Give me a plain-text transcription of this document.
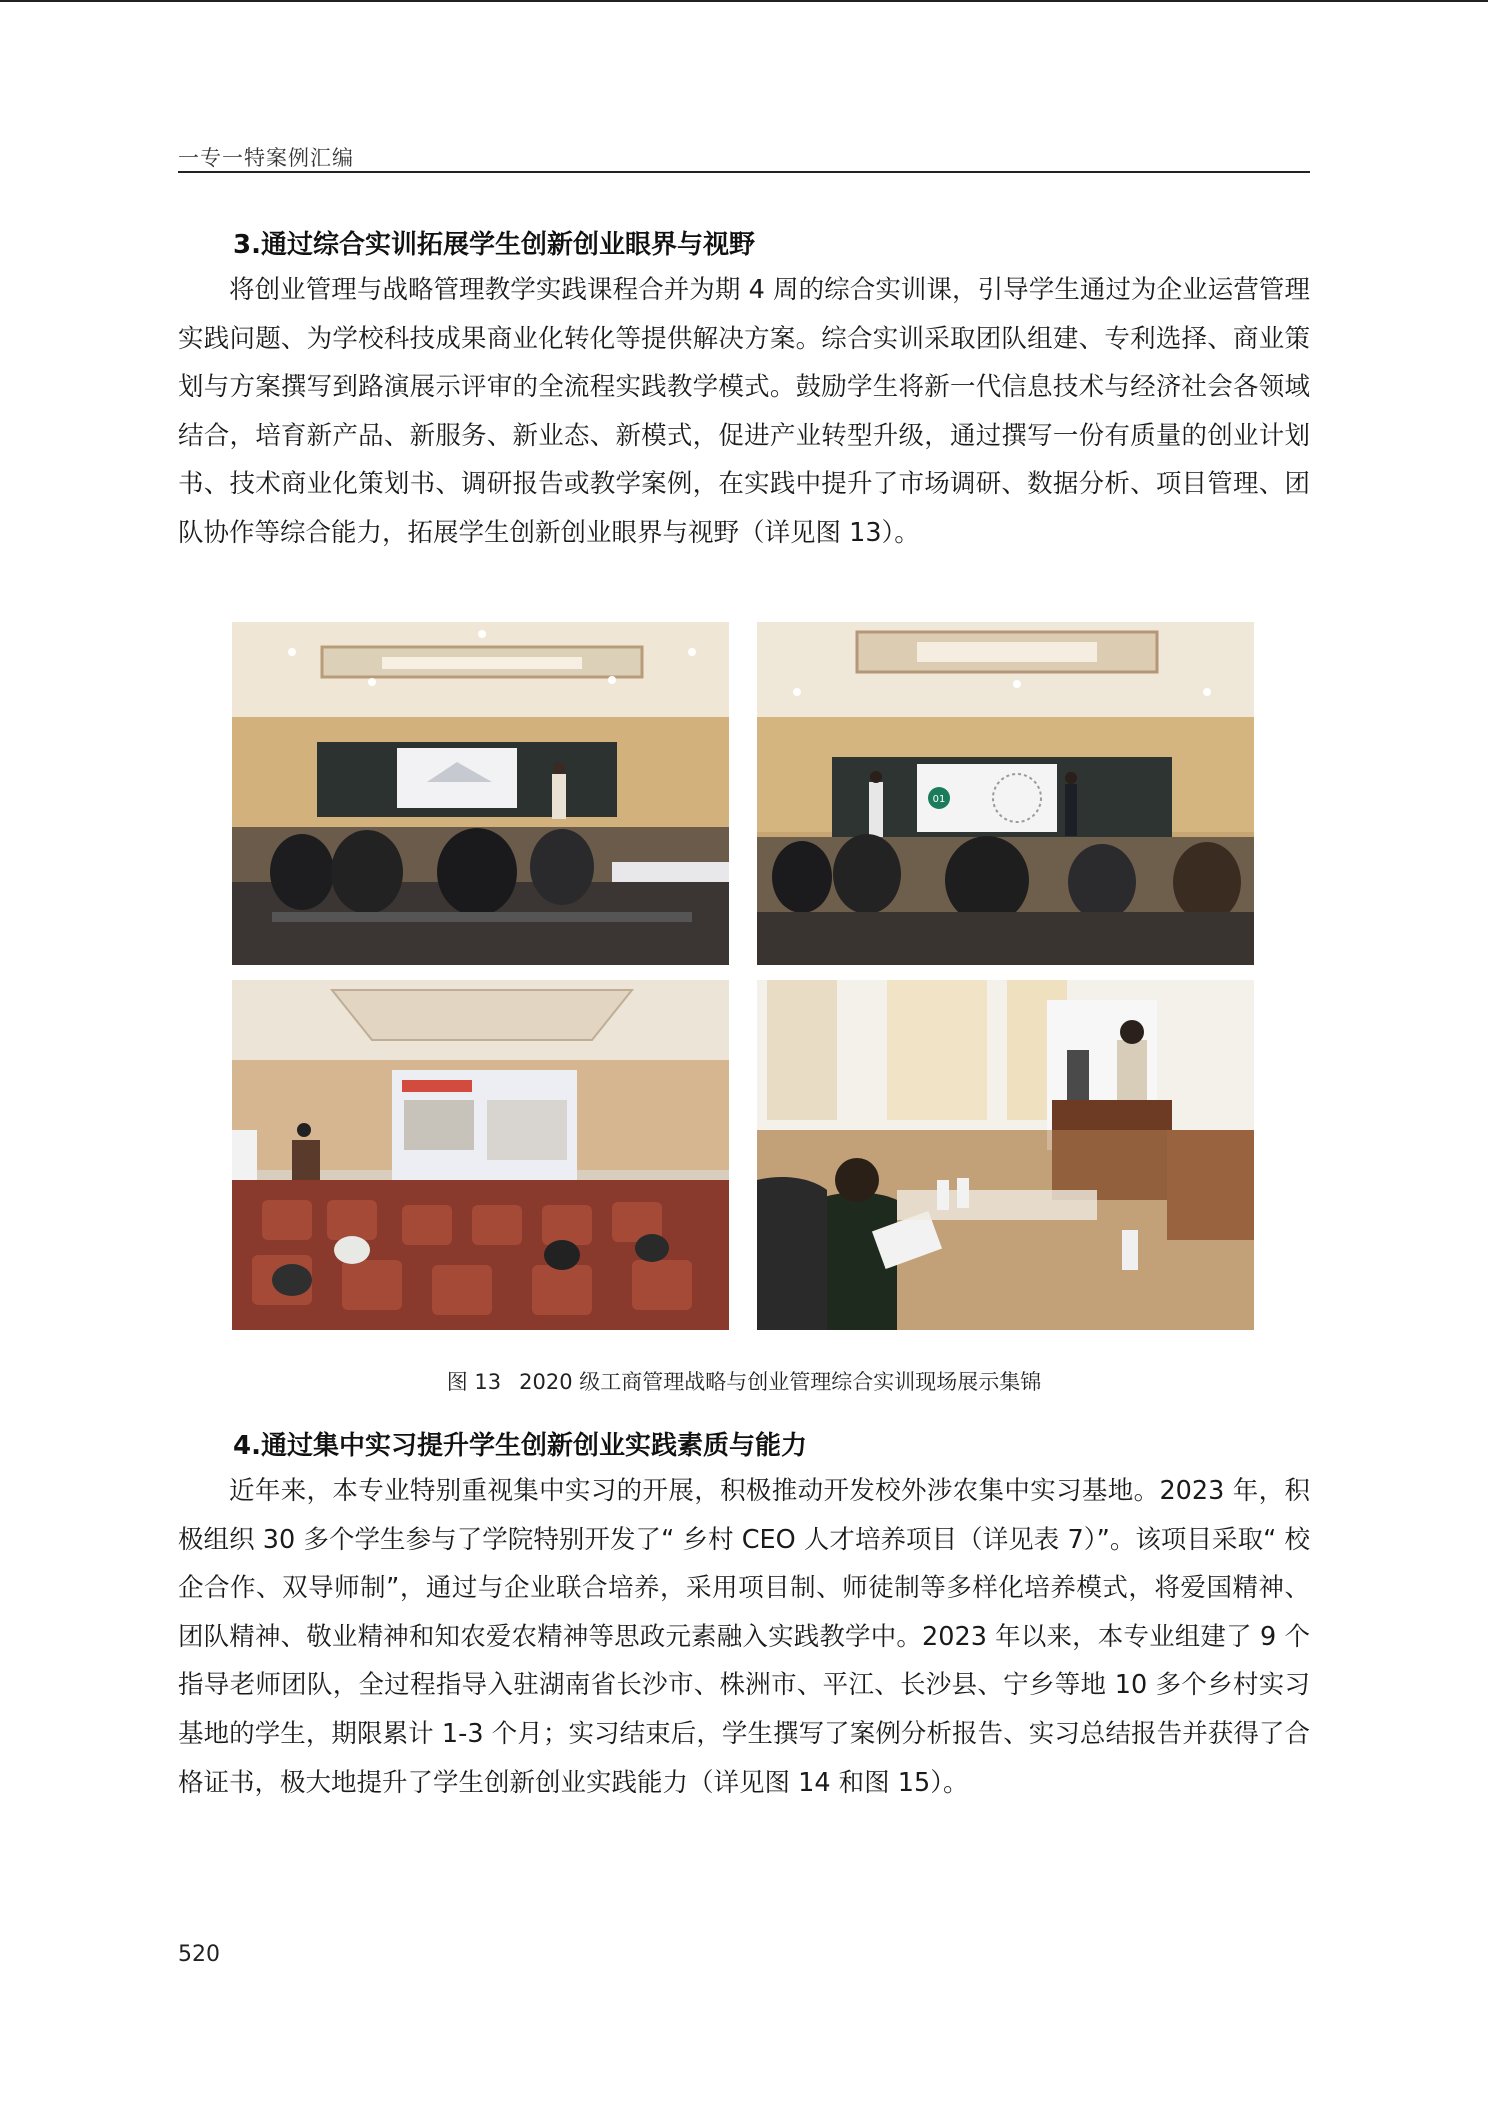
一专一特案例汇编
3.通过综合实训拓展学生创新创业眼界与视野

将创业管理与战略管理教学实践课程合并为期 4 周的综合实训课，引导学生通过为企业运营管理实践问题、为学校科技成果商业化转化等提供解决方案。综合实训采取团队组建、专利选择、商业策划与方案撰写到路演展示评审的全流程实践教学模式。鼓励学生将新一代信息技术与经济社会各领域结合，培育新产品、新服务、新业态、新模式，促进产业转型升级，通过撰写一份有质量的创业计划书、技术商业化策划书、调研报告或教学案例，在实践中提升了市场调研、数据分析、项目管理、团队协作等综合能力，拓展学生创新创业眼界与视野（详见图 13）。

01
图 13 2020 级工商管理战略与创业管理综合实训现场展示集锦
4.通过集中实习提升学生创新创业实践素质与能力

近年来，本专业特别重视集中实习的开展，积极推动开发校外涉农集中实习基地。2023 年，积极组织 30 多个学生参与了学院特别开发了“ 乡村 CEO 人才培养项目（详见表 7）”。该项目采取“ 校企合作、双导师制”，通过与企业联合培养，采用项目制、师徒制等多样化培养模式，将爱国精神、团队精神、敬业精神和知农爱农精神等思政元素融入实践教学中。2023 年以来，本专业组建了 9 个指导老师团队，全过程指导入驻湖南省长沙市、株洲市、平江、长沙县、宁乡等地 10 多个乡村实习基地的学生，期限累计 1-3 个月；实习结束后，学生撰写了案例分析报告、实习总结报告并获得了合格证书，极大地提升了学生创新创业实践能力（详见图 14 和图 15）。

520
